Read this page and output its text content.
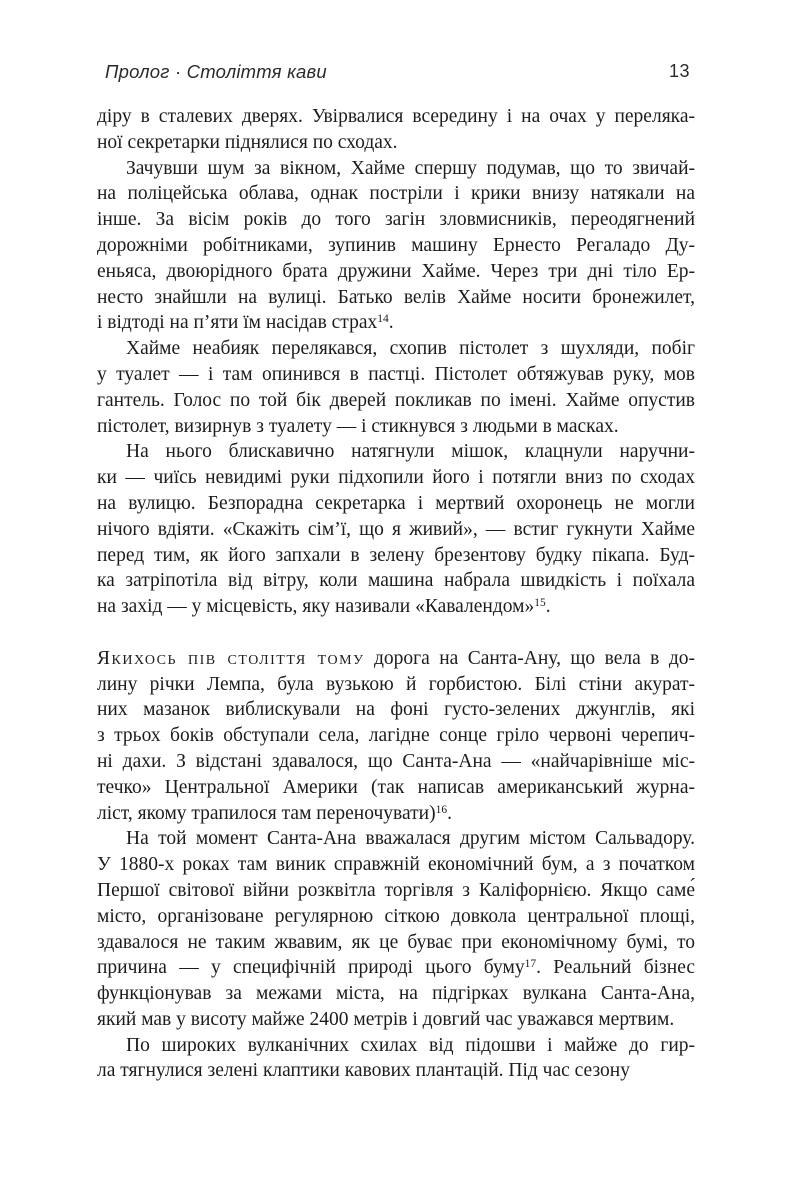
Пролог · Століття кави	13
діру в сталевих дверях. Увірвалися всередину і на очах у переляка-
ної секретарки піднялися по сходах.
Зачувши шум за вікном, Хайме спершу подумав, що то звичай-
на поліцейська облава, однак постріли і крики внизу натякали на
інше. За вісім років до того загін зловмисників, переодягнений
дорожніми робітниками, зупинив машину Ернесто Регаладо Ду-
еньяса, двоюрідного брата дружини Хайме. Через три дні тіло Ер-
несто знайшли на вулиці. Батько велів Хайме носити бронежилет,
і відтоді на п’яти їм насідав страх$^{14}$.
Хайме неабияк перелякався, схопив пістолет з шухляди, побіг
у туалет — і там опинився в пастці. Пістолет обтяжував руку, мов
гантель. Голос по той бік дверей покликав по імені. Хайме опустив
пістолет, визирнув з туалету — і стикнувся з людьми в масках.
На нього блискавично натягнули мішок, клацнули наручни-
ки — чиїсь невидимі руки підхопили його і потягли вниз по сходах
на вулицю. Безпорадна секретарка і мертвий охоронець не могли
нічого вдіяти. «Скажіть сім’ї, що я живий», — встиг гукнути Хайме
перед тим, як його запхали в зелену брезентову будку пікапа. Буд-
ка затріпотіла від вітру, коли машина набрала швидкість і поїхала
на захід — у місцевість, яку називали «Кавалендом»$^{15}$.
Якихось пів століття тому дорога на Санта-Ану, що вела в до-
лину річки Лемпа, була вузькою й горбистою. Білі стіни акурат-
них мазанок виблискували на фоні густо-зелених джунглів, які
з трьох боків обступали села, лагідне сонце гріло червоні черепич-
ні дахи. З відстані здавалося, що Санта-Ана — «найчарівніше міс-
течко» Центральної Америки (так написав американський журна-
ліст, якому трапилося там переночувати)$^{16}$.
На той момент Санта-Ана вважалася другим містом Сальвадору.
У 1880-х роках там виник справжній економічний бум, а з початком
Першої світової війни розквітла торгівля з Каліфорнією. Якщо саме́
місто, організоване регулярною сіткою довкола центральної площі,
здавалося не таким жвавим, як це буває при економічному бумі, то
причина — у специфічній природі цього буму$^{17}$. Реальний бізнес
функціонував за межами міста, на підгірках вулкана Санта-Ана,
який мав у висоту майже 2400 метрів і довгий час уважався мертвим.
По широких вулканічних схилах від підошви і майже до гир-
ла тягнулися зелені клаптики кавових плантацій. Під час сезону
